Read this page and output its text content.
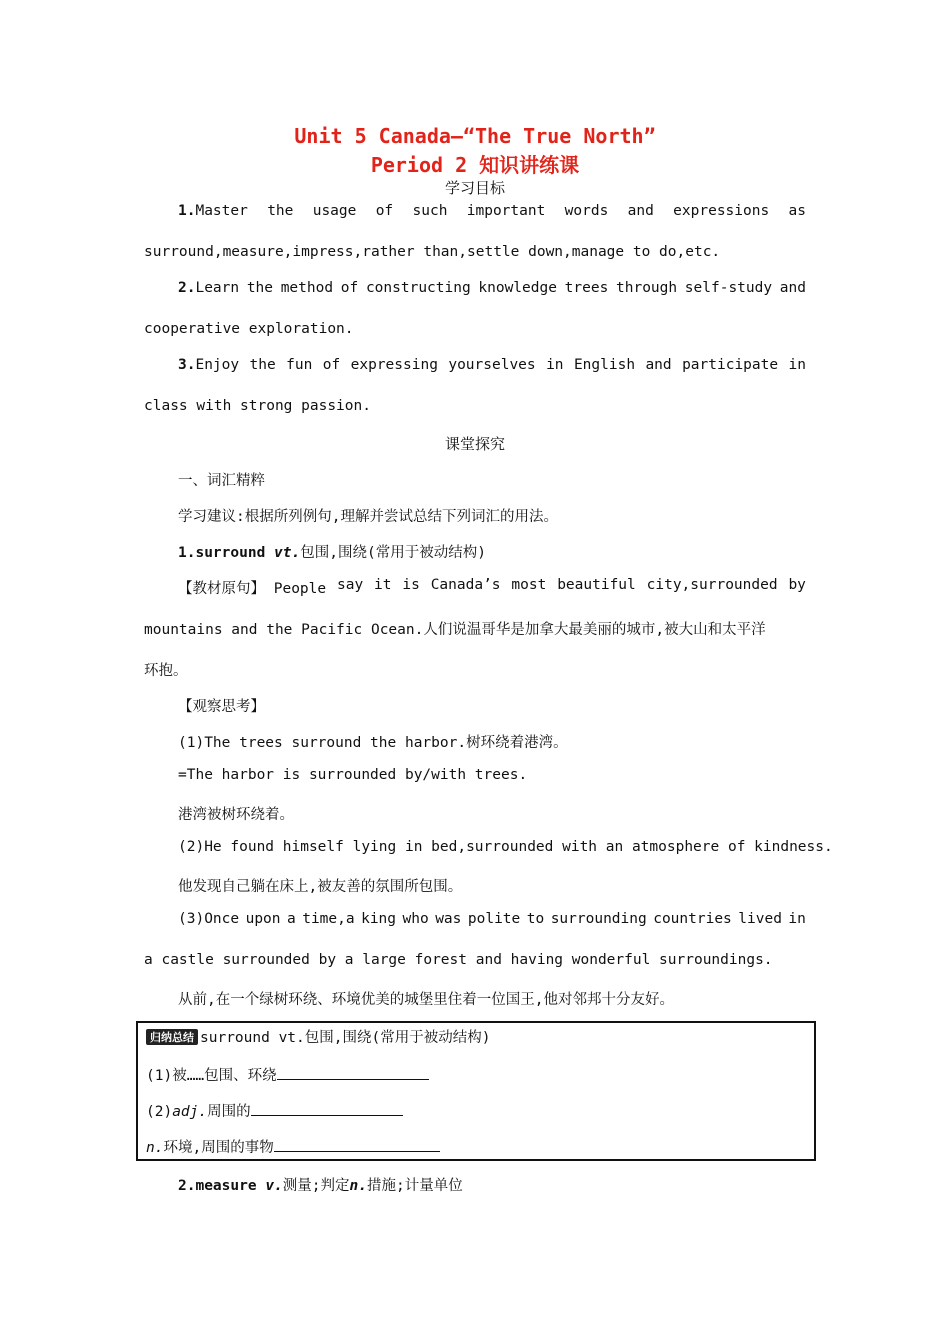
Unit 5 Canada—“The True North”
Period 2 知识讲练课
学习目标
1.Master the usage of such important words and expressions as
surround,measure,impress,rather than,settle down,manage to do,etc.
2.Learn the method of constructing knowledge trees through self-study and
cooperative exploration.
3.Enjoy the fun of expressing yourselves in English and participate in
class with strong passion.
课堂探究
一、词汇精粹
学习建议:根据所列例句,理解并尝试总结下列词汇的用法。
1.surround vt.包围,围绕(常用于被动结构)
【教材原句】 People say it is Canada’s most beautiful city,surrounded by
mountains and the Pacific Ocean.人们说温哥华是加拿大最美丽的城市,被大山和太平洋
环抱。
【观察思考】
(1)The trees surround the harbor.树环绕着港湾。
=The harbor is surrounded by/with trees.
港湾被树环绕着。
(2)He found himself lying in bed,surrounded with an atmosphere of kindness.
他发现自己躺在床上,被友善的氛围所包围。
(3)Once upon a time,a king who was polite to surrounding countries lived in
a castle surrounded by a large forest and having wonderful surroundings.
从前,在一个绿树环绕、环境优美的城堡里住着一位国王,他对邻邦十分友好。
归纳总结 surround vt.包围,围绕(常用于被动结构)
(1)被……包围、环绕
(2)adj.周围的
n.环境,周围的事物
2.measure v.测量;判定n.措施;计量单位
